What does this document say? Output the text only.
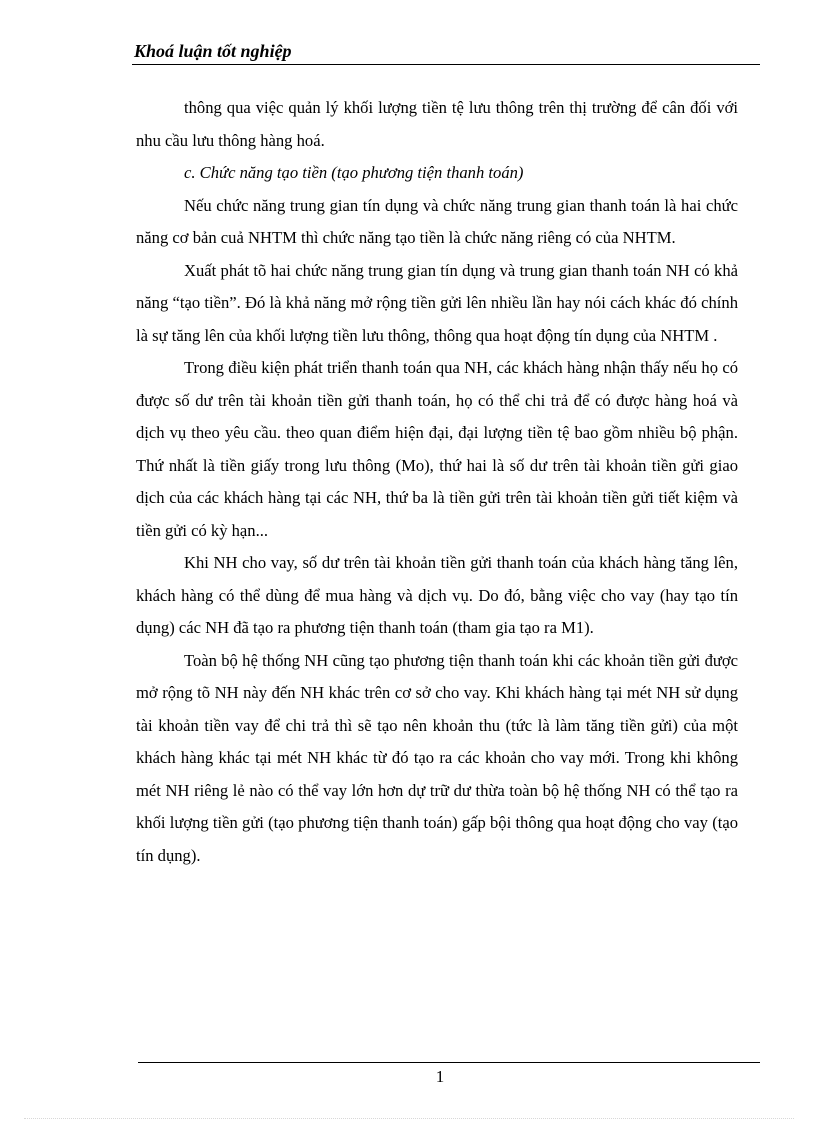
Khoá luận tốt nghiệp

thông qua việc quản lý khối lượng tiền tệ lưu thông trên thị trường để cân đối với nhu cầu lưu thông hàng hoá.

c. Chức năng tạo tiền (tạo phương tiện thanh toán)

Nếu chức năng trung gian tín dụng và chức năng trung gian thanh toán là hai chức năng cơ bản cuả NHTM thì chức năng tạo tiền là chức năng riêng có của NHTM.

Xuất phát tõ hai chức năng trung gian tín dụng và trung gian thanh toán NH có khả năng “tạo tiền”. Đó là khả năng mở rộng tiền gửi lên nhiều lần hay nói cách khác đó chính là sự tăng lên của khối lượng tiền lưu thông, thông qua hoạt động tín dụng của NHTM .

Trong điều kiện phát triển thanh toán qua NH, các khách hàng nhận thấy nếu họ có được số dư trên tài khoản tiền gửi thanh toán, họ có thể chi trả để có được hàng hoá và dịch vụ theo yêu cầu. theo quan điểm hiện đại, đại lượng tiền tệ bao gồm nhiều bộ phận. Thứ nhất là tiền giấy trong lưu thông (Mo), thứ hai là số dư trên tài khoản tiền gửi giao dịch của các khách hàng tại các NH, thứ ba là tiền gửi trên tài khoản tiền gửi tiết kiệm và tiền gửi có kỳ hạn...

Khi NH cho vay, số dư trên tài khoản tiền gửi thanh toán của khách hàng tăng lên, khách hàng có thể dùng để mua hàng và dịch vụ. Do đó, bằng việc cho vay (hay tạo tín dụng) các NH đã tạo ra phương tiện thanh toán (tham gia tạo ra M1).

Toàn bộ hệ thống NH cũng tạo phương tiện thanh toán khi các khoản tiền gửi được mở rộng tõ NH này đến NH khác trên cơ sở cho vay. Khi khách hàng tại mét NH sử dụng tài khoản tiền vay để chi trả thì sẽ tạo nên khoản thu (tức là làm tăng tiền gửi) của một khách hàng khác tại mét NH khác từ đó tạo ra các khoản cho vay mới. Trong khi không mét NH riêng lẻ nào có thể vay lớn hơn dự trữ dư thừa toàn bộ hệ thống NH có thể tạo ra khối lượng tiền gửi (tạo phương tiện thanh toán) gấp bội thông qua hoạt động cho vay (tạo tín dụng).

1
